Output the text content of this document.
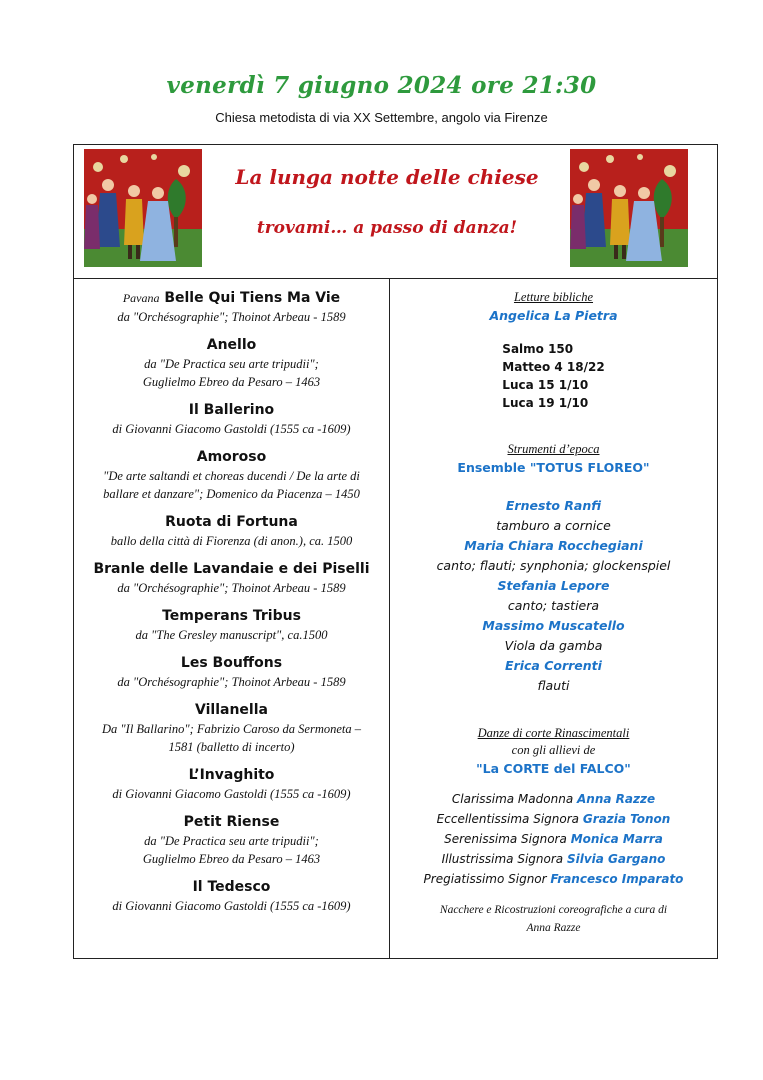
venerdì 7 giugno 2024 ore 21:30
Chiesa metodista di via XX Settembre, angolo via Firenze
La lunga notte delle chiese
trovami… a passo di danza!
Pavana Belle Qui Tiens Ma Vie
da "Orchésographie"; Thoinot Arbeau - 1589
Anello
da "De Practica seu arte tripudii";
Guglielmo Ebreo da Pesaro – 1463
Il Ballerino
di Giovanni Giacomo Gastoldi (1555 ca -1609)
Amoroso
"De arte saltandi et choreas ducendi / De la arte di
ballare et danzare"; Domenico da Piacenza – 1450
Ruota di Fortuna
ballo della città di Fiorenza (di anon.), ca. 1500
Branle delle Lavandaie e dei Piselli
da "Orchésographie"; Thoinot Arbeau - 1589
Temperans Tribus
da "The Gresley manuscript", ca.1500
Les Bouffons
da "Orchésographie"; Thoinot Arbeau - 1589
Villanella
Da "Il Ballarino"; Fabrizio Caroso da Sermoneta –
1581 (balletto di incerto)
L’Invaghito
di Giovanni Giacomo Gastoldi (1555 ca -1609)
Petit Riense
da "De Practica seu arte tripudii";
Guglielmo Ebreo da Pesaro – 1463
Il Tedesco
di Giovanni Giacomo Gastoldi (1555 ca -1609)
Letture bibliche
Angelica La Pietra
Salmo 150
Matteo 4 18/22
Luca 15 1/10
Luca 19 1/10
Strumenti d’epoca
Ensemble "TOTUS FLOREO"
Ernesto Ranfi
tamburo a cornice
Maria Chiara Rocchegiani
canto; flauti; synphonia; glockenspiel
Stefania Lepore
canto; tastiera
Massimo Muscatello
Viola da gamba
Erica Correnti
flauti
Danze di corte Rinascimentali
con gli allievi de
"La CORTE del FALCO"
Clarissima Madonna Anna Razze
Eccellentissima Signora Grazia Tonon
Serenissima Signora Monica Marra
Illustrissima Signora Silvia Gargano
Pregiatissimo Signor Francesco Imparato
Nacchere e Ricostruzioni coreografiche a cura di
Anna Razze
